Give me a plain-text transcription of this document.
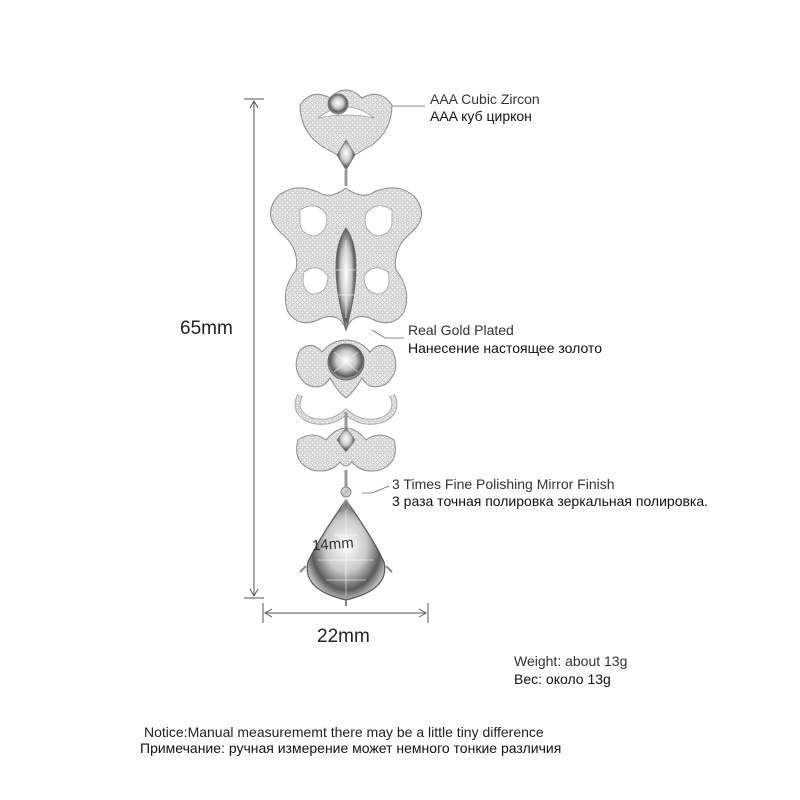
AAA Cubic Zircon
AAA куб циркон
Real Gold Plated
Нанесение настоящее золото
3 Times Fine Polishing Mirror Finish
3 раза точная полировка зеркальная полировка.
65mm
22mm
14mm
Weight: about 13g
Вес: около 13g
Notice:Manual measurememt there may be a little tiny difference
Примечание: ручная измерение может немного тонкие различия
